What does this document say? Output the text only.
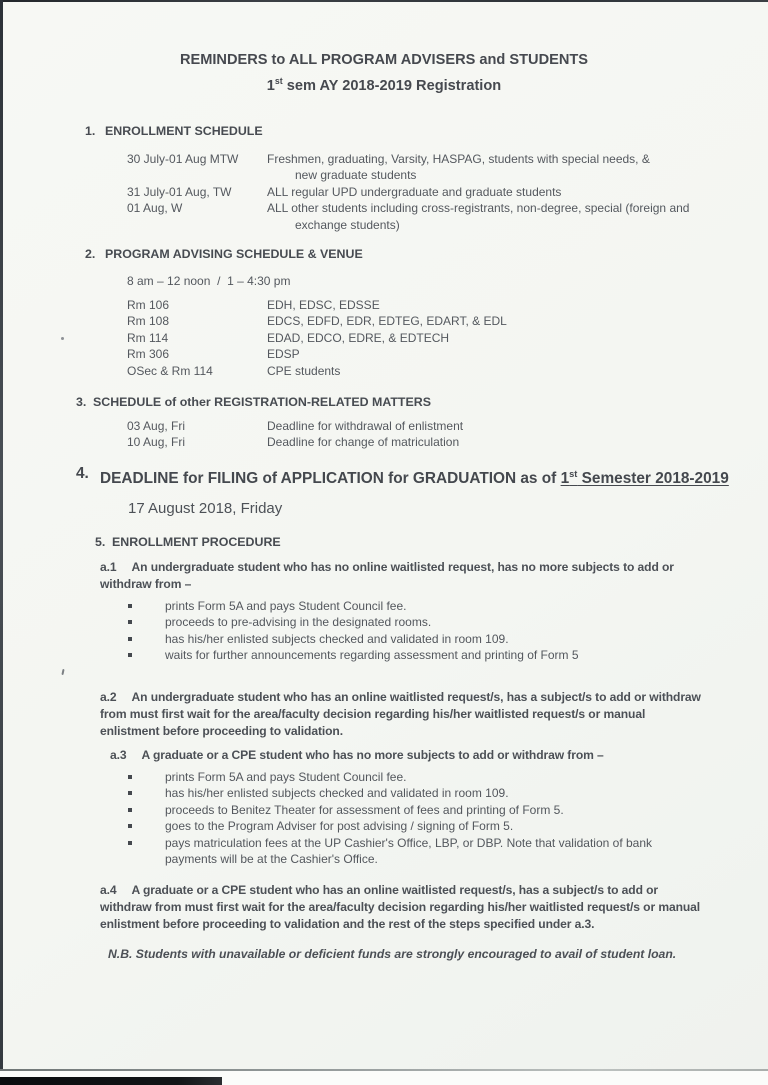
REMINDERS to ALL PROGRAM ADVISERS and STUDENTS
1st sem AY 2018-2019 Registration
1. ENROLLMENT SCHEDULE
30 July-01 Aug MTW	Freshmen, graduating, Varsity, HASPAG, students with special needs, &
new graduate students
31 July-01 Aug, TW	ALL regular UPD undergraduate and graduate students
01 Aug, W	ALL other students including cross-registrants, non-degree, special (foreign and
exchange students)
2. PROGRAM ADVISING SCHEDULE & VENUE
8 am – 12 noon  /  1 – 4:30 pm
Rm 106	EDH, EDSC, EDSSE
Rm 108	EDCS, EDFD, EDR, EDTEG, EDART, & EDL
Rm 114	EDAD, EDCO, EDRE, & EDTECH
Rm 306	EDSP
OSec & Rm 114	CPE students
3. SCHEDULE of other REGISTRATION-RELATED MATTERS
03 Aug, Fri	Deadline for withdrawal of enlistment
10 Aug, Fri	Deadline for change of matriculation
4. DEADLINE for FILING of APPLICATION for GRADUATION as of 1st Semester 2018-2019
17 August 2018, Friday
5. ENROLLMENT PROCEDURE
a.1 An undergraduate student who has no online waitlisted request, has no more subjects to add or withdraw from –
prints Form 5A and pays Student Council fee.
proceeds to pre-advising in the designated rooms.
has his/her enlisted subjects checked and validated in room 109.
waits for further announcements regarding assessment and printing of Form 5
a.2 An undergraduate student who has an online waitlisted request/s, has a subject/s to add or withdraw from must first wait for the area/faculty decision regarding his/her waitlisted request/s or manual enlistment before proceeding to validation.
a.3 A graduate or a CPE student who has no more subjects to add or withdraw from –
prints Form 5A and pays Student Council fee.
has his/her enlisted subjects checked and validated in room 109.
proceeds to Benitez Theater for assessment of fees and printing of Form 5.
goes to the Program Adviser for post advising / signing of Form 5.
pays matriculation fees at the UP Cashier's Office, LBP, or DBP. Note that validation of bank payments will be at the Cashier's Office.
a.4 A graduate or a CPE student who has an online waitlisted request/s, has a subject/s to add or withdraw from must first wait for the area/faculty decision regarding his/her waitlisted request/s or manual enlistment before proceeding to validation and the rest of the steps specified under a.3.
N.B. Students with unavailable or deficient funds are strongly encouraged to avail of student loan.
